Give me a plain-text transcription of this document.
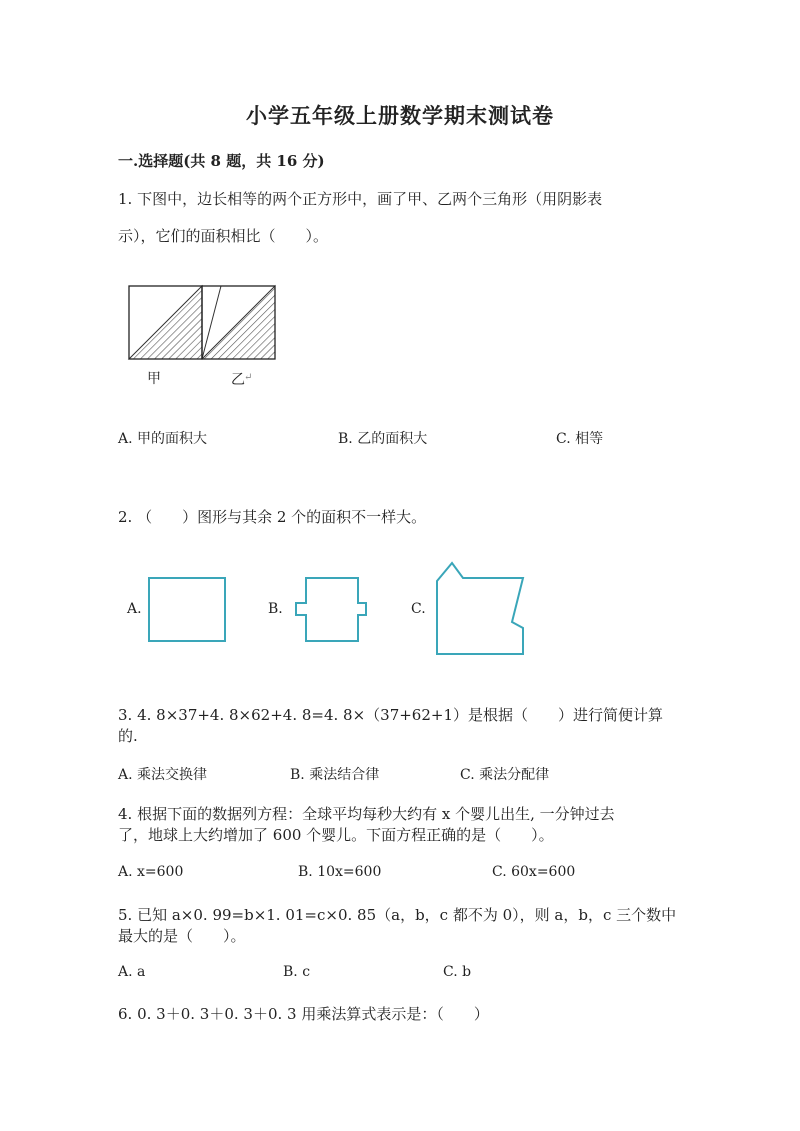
小学五年级上册数学期末测试卷
一.选择题(共 8 题，共 16 分)
1. 下图中，边长相等的两个正方形中，画了甲、乙两个三角形（用阴影表
示），它们的面积相比（　　）。
甲	乙 ↵
A. 甲的面积大	B. 乙的面积大	C. 相等
2. （　　）图形与其余 2 个的面积不一样大。
A.	B.	C.
3. 4. 8×37+4. 8×62+4. 8=4. 8×（37+62+1）是根据（　　）进行简便计算
的.
A. 乘法交换律	B. 乘法结合律	C. 乘法分配律
4. 根据下面的数据列方程：全球平均每秒大约有 x 个婴儿出生, 一分钟过去
了，地球上大约增加了 600 个婴儿。下面方程正确的是（　　）。
A. x=600	B. 10x=600	C. 60x=600
5. 已知 a×0. 99=b×1. 01=c×0. 85（a，b，c 都不为 0），则 a，b，c 三个数中
最大的是（　　）。
A. a	B. c	C. b
6. 0. 3＋0. 3＋0. 3＋0. 3 用乘法算式表示是：（　　）
